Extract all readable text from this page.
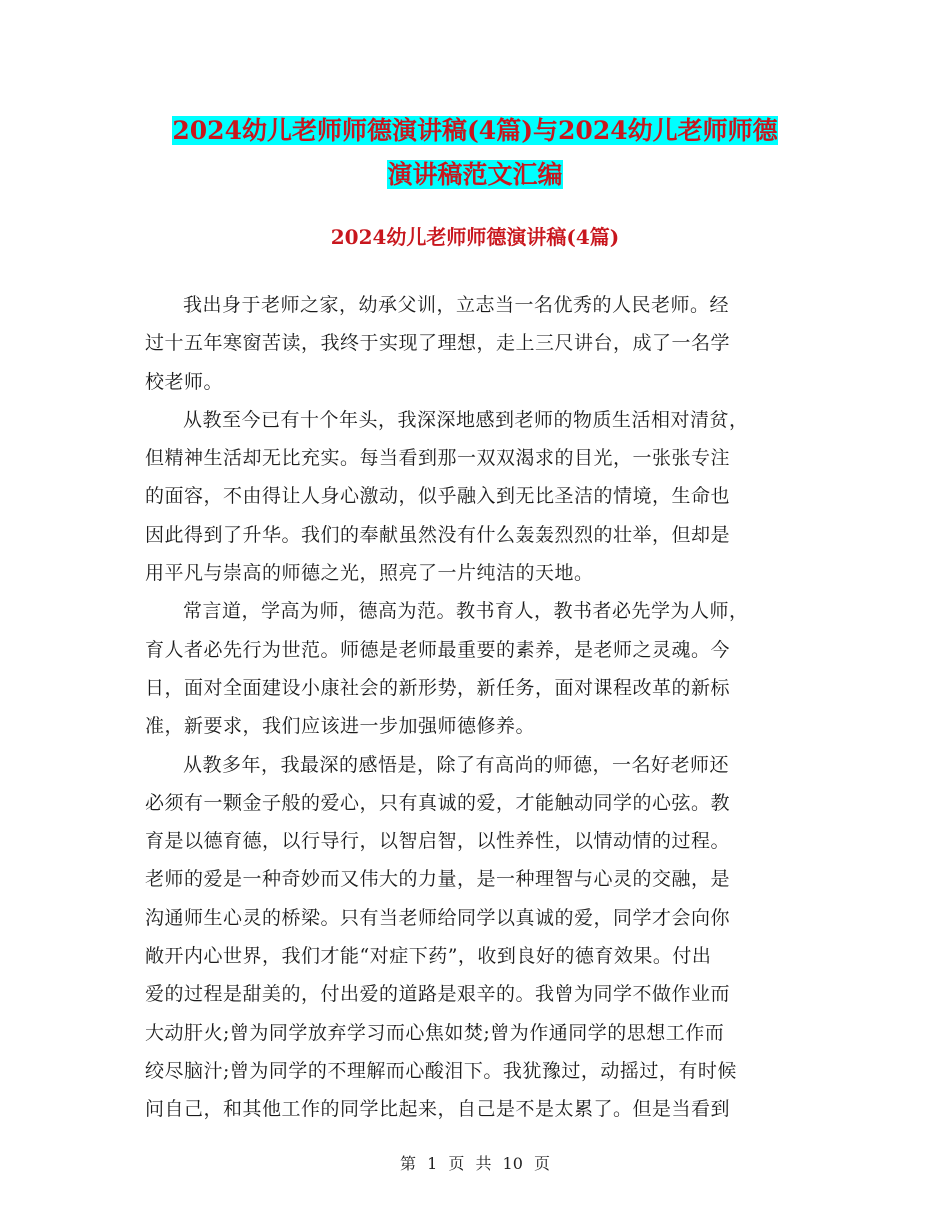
2024幼儿老师师德演讲稿(4篇)与2024幼儿老师师德
演讲稿范文汇编
2024幼儿老师师德演讲稿(4篇)
我出身于老师之家，幼承父训，立志当一名优秀的人民老师。经
过十五年寒窗苦读，我终于实现了理想，走上三尺讲台，成了一名学
校老师。
从教至今已有十个年头，我深深地感到老师的物质生活相对清贫，
但精神生活却无比充实。每当看到那一双双渴求的目光，一张张专注
的面容，不由得让人身心激动，似乎融入到无比圣洁的情境，生命也
因此得到了升华。我们的奉献虽然没有什么轰轰烈烈的壮举，但却是
用平凡与崇高的师德之光，照亮了一片纯洁的天地。
常言道，学高为师，德高为范。教书育人，教书者必先学为人师，
育人者必先行为世范。师德是老师最重要的素养，是老师之灵魂。今
日，面对全面建设小康社会的新形势，新任务，面对课程改革的新标
准，新要求，我们应该进一步加强师德修养。
从教多年，我最深的感悟是，除了有高尚的师德，一名好老师还
必须有一颗金子般的爱心，只有真诚的爱，才能触动同学的心弦。教
育是以德育德，以行导行，以智启智，以性养性，以情动情的过程。
老师的爱是一种奇妙而又伟大的力量，是一种理智与心灵的交融，是
沟通师生心灵的桥梁。只有当老师给同学以真诚的爱，同学才会向你
敞开内心世界，我们才能“对症下药”，收到良好的德育效果。付出
爱的过程是甜美的，付出爱的道路是艰辛的。我曾为同学不做作业而
大动肝火;曾为同学放弃学习而心焦如焚;曾为作通同学的思想工作而
绞尽脑汁;曾为同学的不理解而心酸泪下。我犹豫过，动摇过，有时候
问自己，和其他工作的同学比起来，自己是不是太累了。但是当看到
第 1 页 共 10 页
